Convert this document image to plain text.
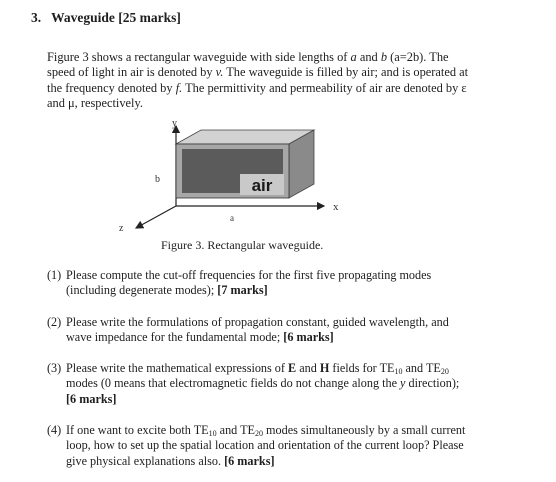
3. Waveguide [25 marks]
Figure 3 shows a rectangular waveguide with side lengths of a and b (a=2b). The speed of light in air is denoted by v. The waveguide is filled by air; and is operated at the frequency denoted by f. The permittivity and permeability of air are denoted by ε and μ, respectively.
air
y
x
z
b
a
Figure 3. Rectangular waveguide.
(1) Please compute the cut-off frequencies for the first five propagating modes (including degenerate modes); [7 marks]
(2) Please write the formulations of propagation constant, guided wavelength, and wave impedance for the fundamental mode; [6 marks]
(3) Please write the mathematical expressions of E and H fields for $TE_{10}$ and $TE_{20}$ modes (0 means that electromagnetic fields do not change along the y direction); [6 marks]
(4) If one want to excite both $TE_{10}$ and $TE_{20}$ modes simultaneously by a small current loop, how to set up the spatial location and orientation of the current loop? Please give physical explanations also. [6 marks]
